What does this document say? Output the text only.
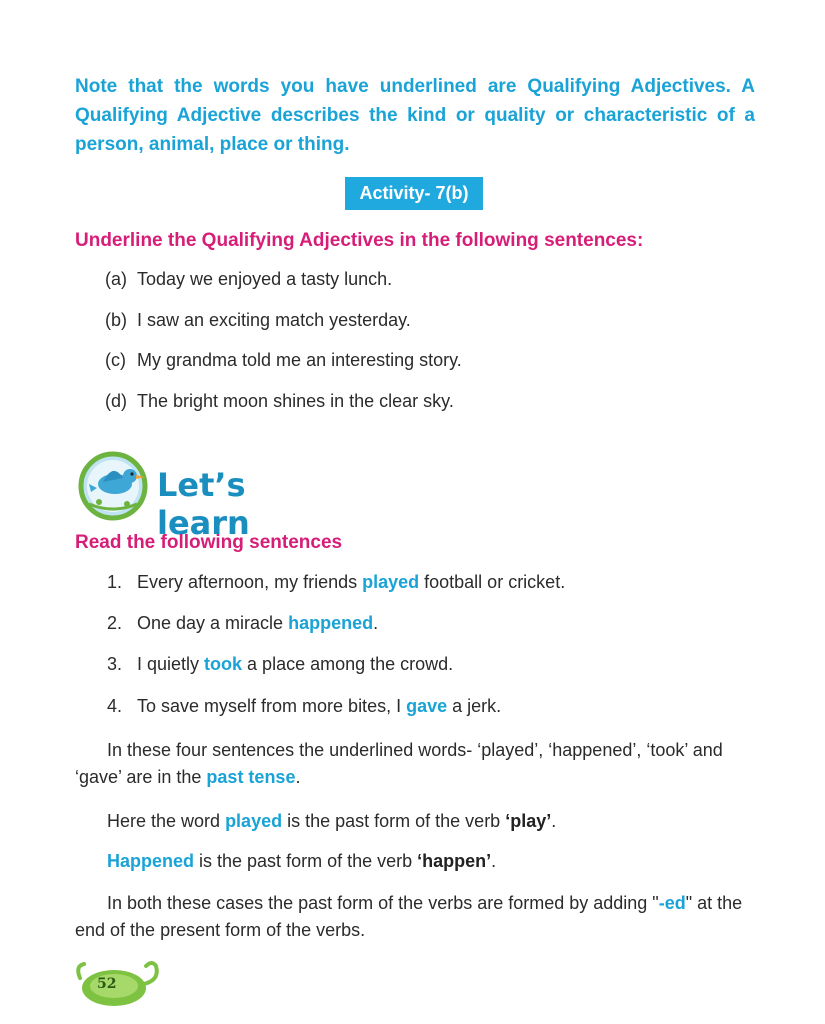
Note that the words you have underlined are Qualifying Adjectives. A Qualifying Adjective describes the kind or quality or characteristic of a person, animal, place or thing.
Activity- 7(b)
Underline the Qualifying Adjectives in the following sentences:
(a) Today we enjoyed a tasty lunch.
(b) I saw an exciting match yesterday.
(c) My grandma told me an interesting story.
(d) The bright moon shines in the clear sky.
Let’s learn
Read the following sentences
1. Every afternoon, my friends played football or cricket.
2. One day a miracle happened.
3. I quietly took a place among the crowd.
4. To save myself from more bites, I gave a jerk.
In these four sentences the underlined words- ‘played’, ‘happened’, ‘took’ and ‘gave’ are in the past tense.
Here the word played is the past form of the verb ‘play’.
Happened is the past form of the verb ‘happen’.
In both these cases the past form of the verbs are formed by adding "-ed" at the end of the present form of the verbs.
52
